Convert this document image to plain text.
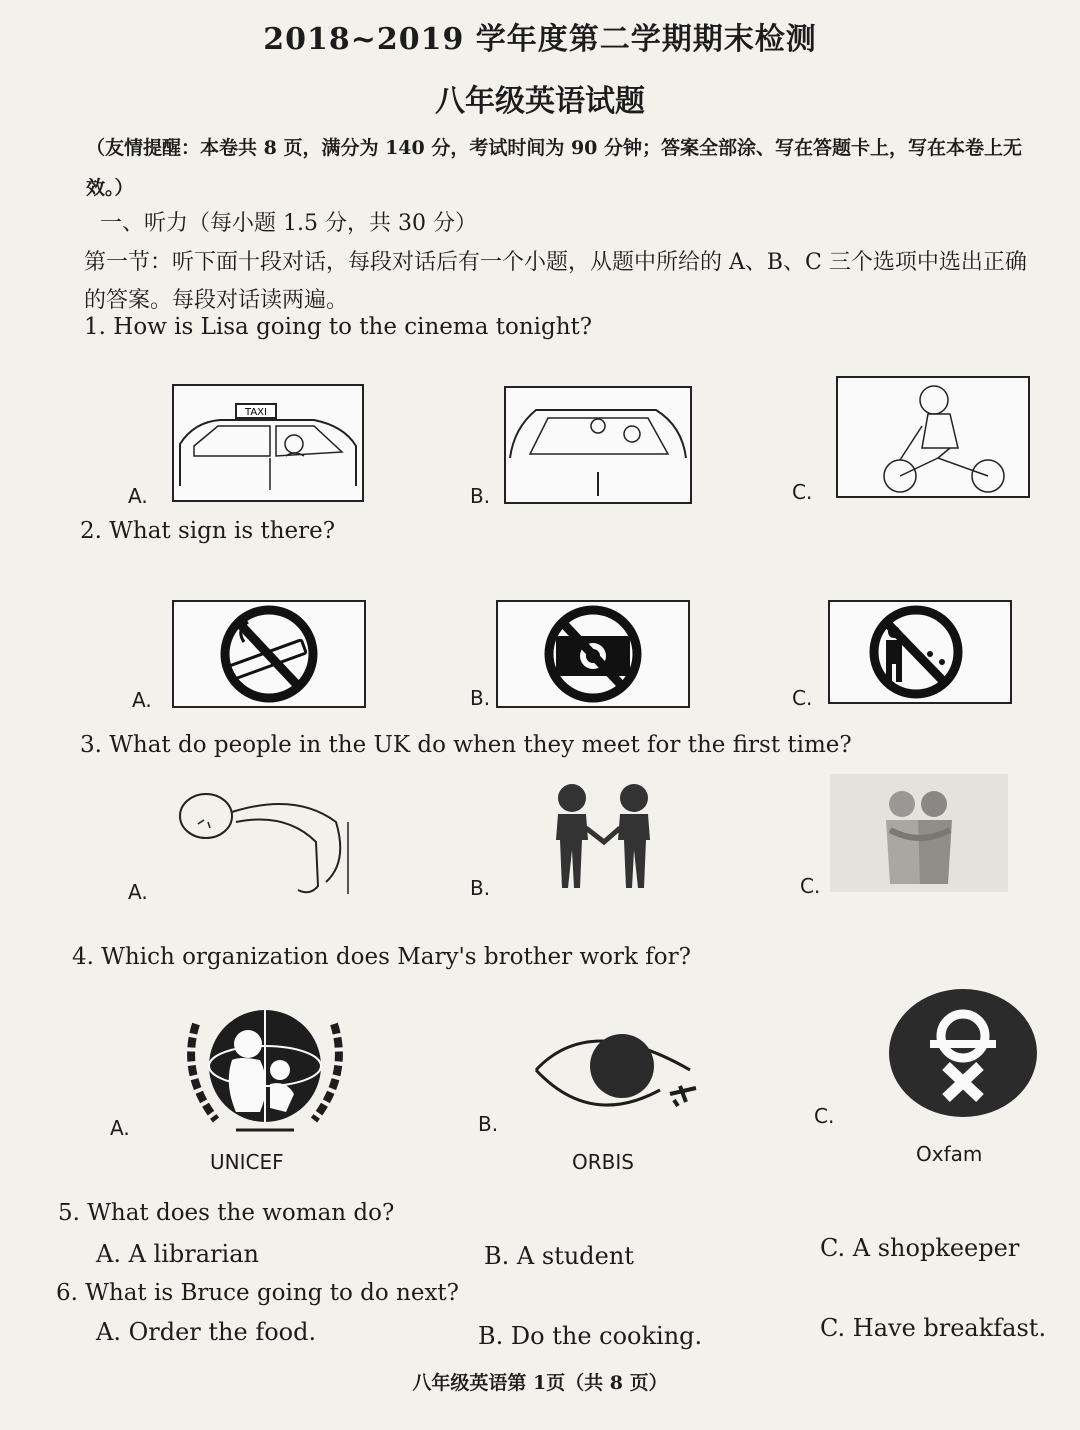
2018~2019 学年度第二学期期末检测
八年级英语试题
（友情提醒：本卷共 8 页，满分为 140 分，考试时间为 90 分钟；答案全部涂、写在答题卡上，写在本卷上无效。）
一、听力（每小题 1.5 分，共 30 分）
第一节：听下面十段对话，每段对话后有一个小题，从题中所给的 A、B、C 三个选项中选出正确的答案。每段对话读两遍。
1. How is Lisa going to the cinema tonight?
A.
TAXI
B.	C.
2. What sign is there?
A.	B.	C.
3. What do people in the UK do when they meet for the first time?
A.	B.	C.
4. Which organization does Mary's brother work for?
A.
UNICEF
B.
ORBIS
C.
Oxfam
5. What does the woman do?
A. A librarian	B. A student	C. A shopkeeper
6. What is Bruce going to do next?
A. Order the food.	B. Do the cooking.	C. Have breakfast.
八年级英语第 1页（共 8 页）
